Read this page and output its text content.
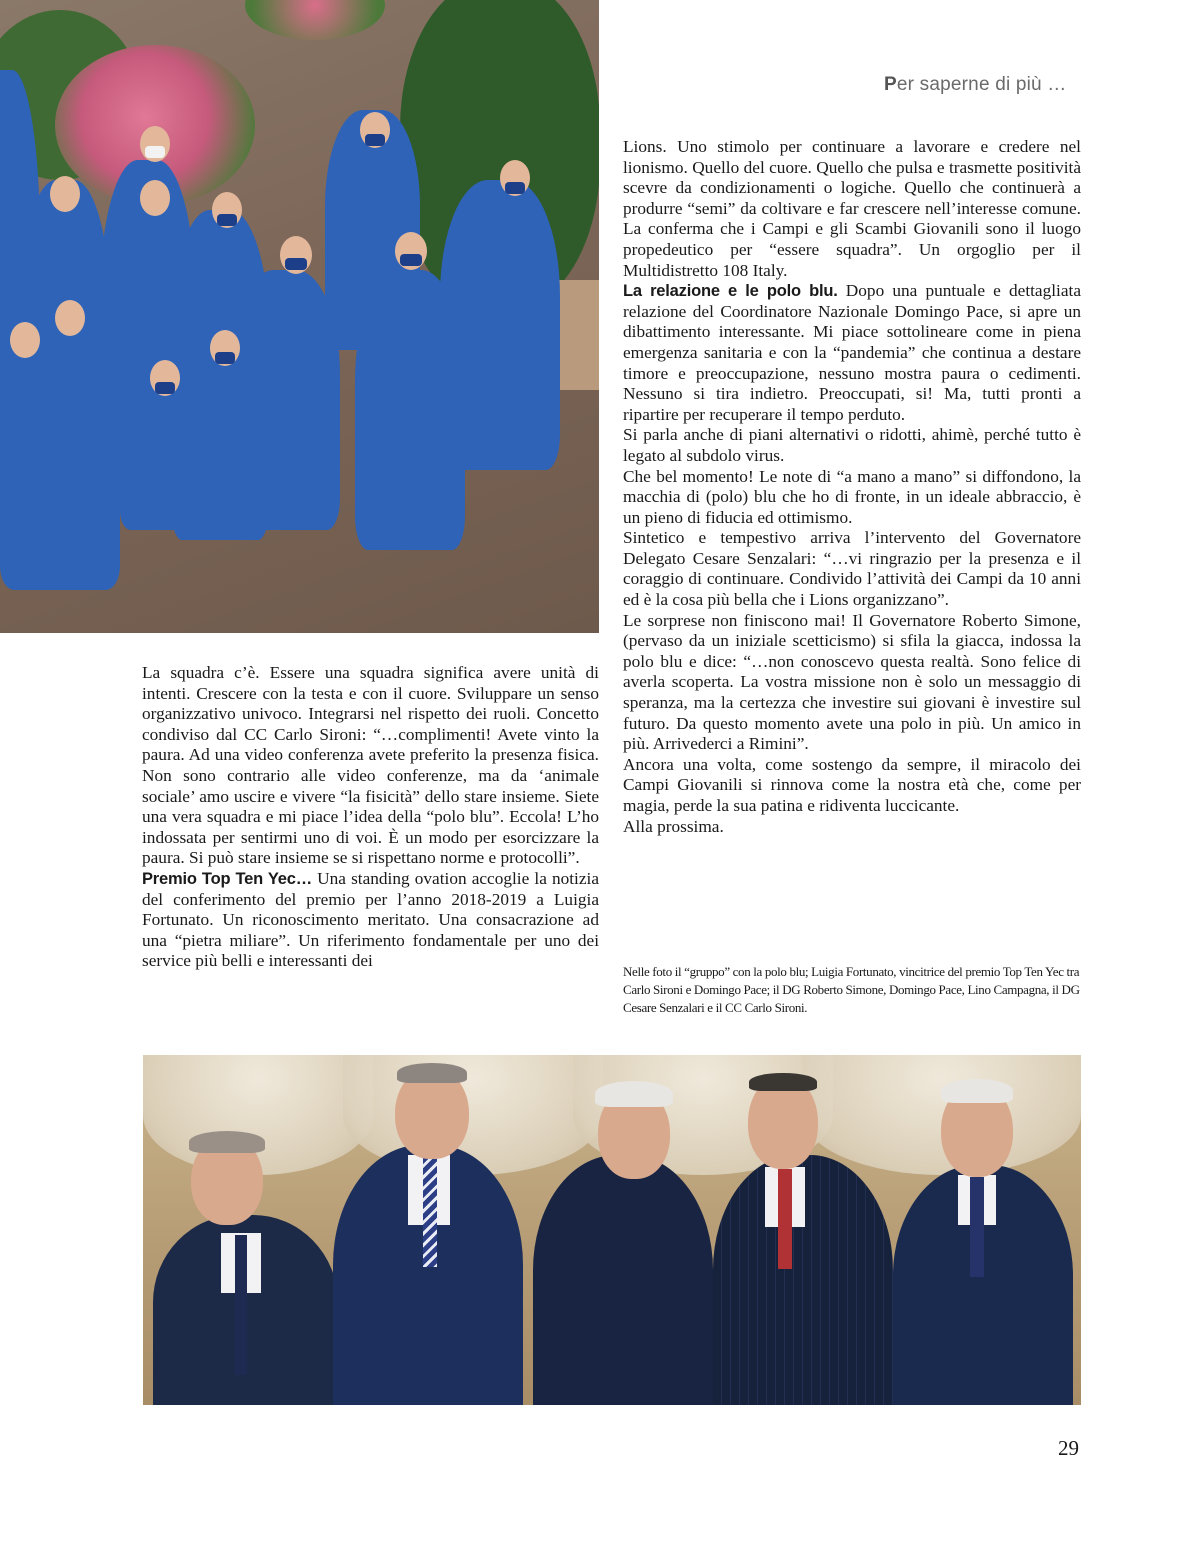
Per saperne di più …

La squadra c’è. Essere una squadra significa avere unità di intenti. Crescere con la testa e con il cuore. Sviluppare un senso organizzativo univoco. Integrarsi nel rispetto dei ruoli. Concetto condiviso dal CC Carlo Sironi: “…complimenti! Avete vinto la paura. Ad una video conferenza avete preferito la presenza fisica. Non sono contrario alle video conferenze, ma da ‘animale sociale’ amo uscire e vivere “la fisicità” dello stare insieme. Siete una vera squadra e mi piace l’idea della “polo blu”. Eccola! L’ho indossata per sentirmi uno di voi. È un modo per esorcizzare la paura. Si può stare insieme se si rispettano norme e protocolli”.

Premio Top Ten Yec… Una standing ovation accoglie la notizia del conferimento del premio per l’anno 2018-2019 a Luigia Fortunato. Un riconoscimento meritato. Una consacrazione ad una “pietra miliare”. Un riferimento fondamentale per uno dei service più belli e interessanti dei

Lions. Uno stimolo per continuare a lavorare e credere nel lionismo. Quello del cuore. Quello che pulsa e trasmette positività scevre da condizionamenti o logiche. Quello che continuerà a produrre “semi” da coltivare e far crescere nell’interesse comune. La conferma che i Campi e gli Scambi Giovanili sono il luogo propedeutico per “essere squadra”. Un orgoglio per il Multidistretto 108 Italy.

La relazione e le polo blu. Dopo una puntuale e dettagliata relazione del Coordinatore Nazionale Domingo Pace, si apre un dibattimento interessante. Mi piace sottolineare come in piena emergenza sanitaria e con la “pandemia” che continua a destare timore e preoccupazione, nessuno mostra paura o cedimenti. Nessuno si tira indietro. Preoccupati, si! Ma, tutti pronti a ripartire per recuperare il tempo perduto.

Si parla anche di piani alternativi o ridotti, ahimè, perché tutto è legato al subdolo virus.

Che bel momento! Le note di “a mano a mano” si diffondono, la macchia di (polo) blu che ho di fronte, in un ideale abbraccio, è un pieno di fiducia ed ottimismo.

Sintetico e tempestivo arriva l’intervento del Governatore Delegato Cesare Senzalari: “…vi ringrazio per la presenza e il coraggio di continuare. Condivido l’attività dei Campi da 10 anni ed è la cosa più bella che i Lions organizzano”.

Le sorprese non finiscono mai! Il Governatore Roberto Simone, (pervaso da un iniziale scetticismo) si sfila la giacca, indossa la polo blu e dice: “…non conoscevo questa realtà. Sono felice di averla scoperta. La vostra missione non è solo un messaggio di speranza, ma la certezza che investire sui giovani è investire sul futuro. Da questo momento avete una polo in più. Un amico in più. Arrivederci a Rimini”.

Ancora una volta, come sostengo da sempre, il miracolo dei Campi Giovanili si rinnova come la nostra età che, come per magia, perde la sua patina e ridiventa luccicante.

Alla prossima.

Nelle foto il “gruppo” con la polo blu; Luigia Fortunato, vincitrice del premio Top Ten Yec tra Carlo Sironi e Domingo Pace; il DG Roberto Simone, Domingo Pace, Lino Campagna, il DG Cesare Senzalari e il CC Carlo Sironi.
29
